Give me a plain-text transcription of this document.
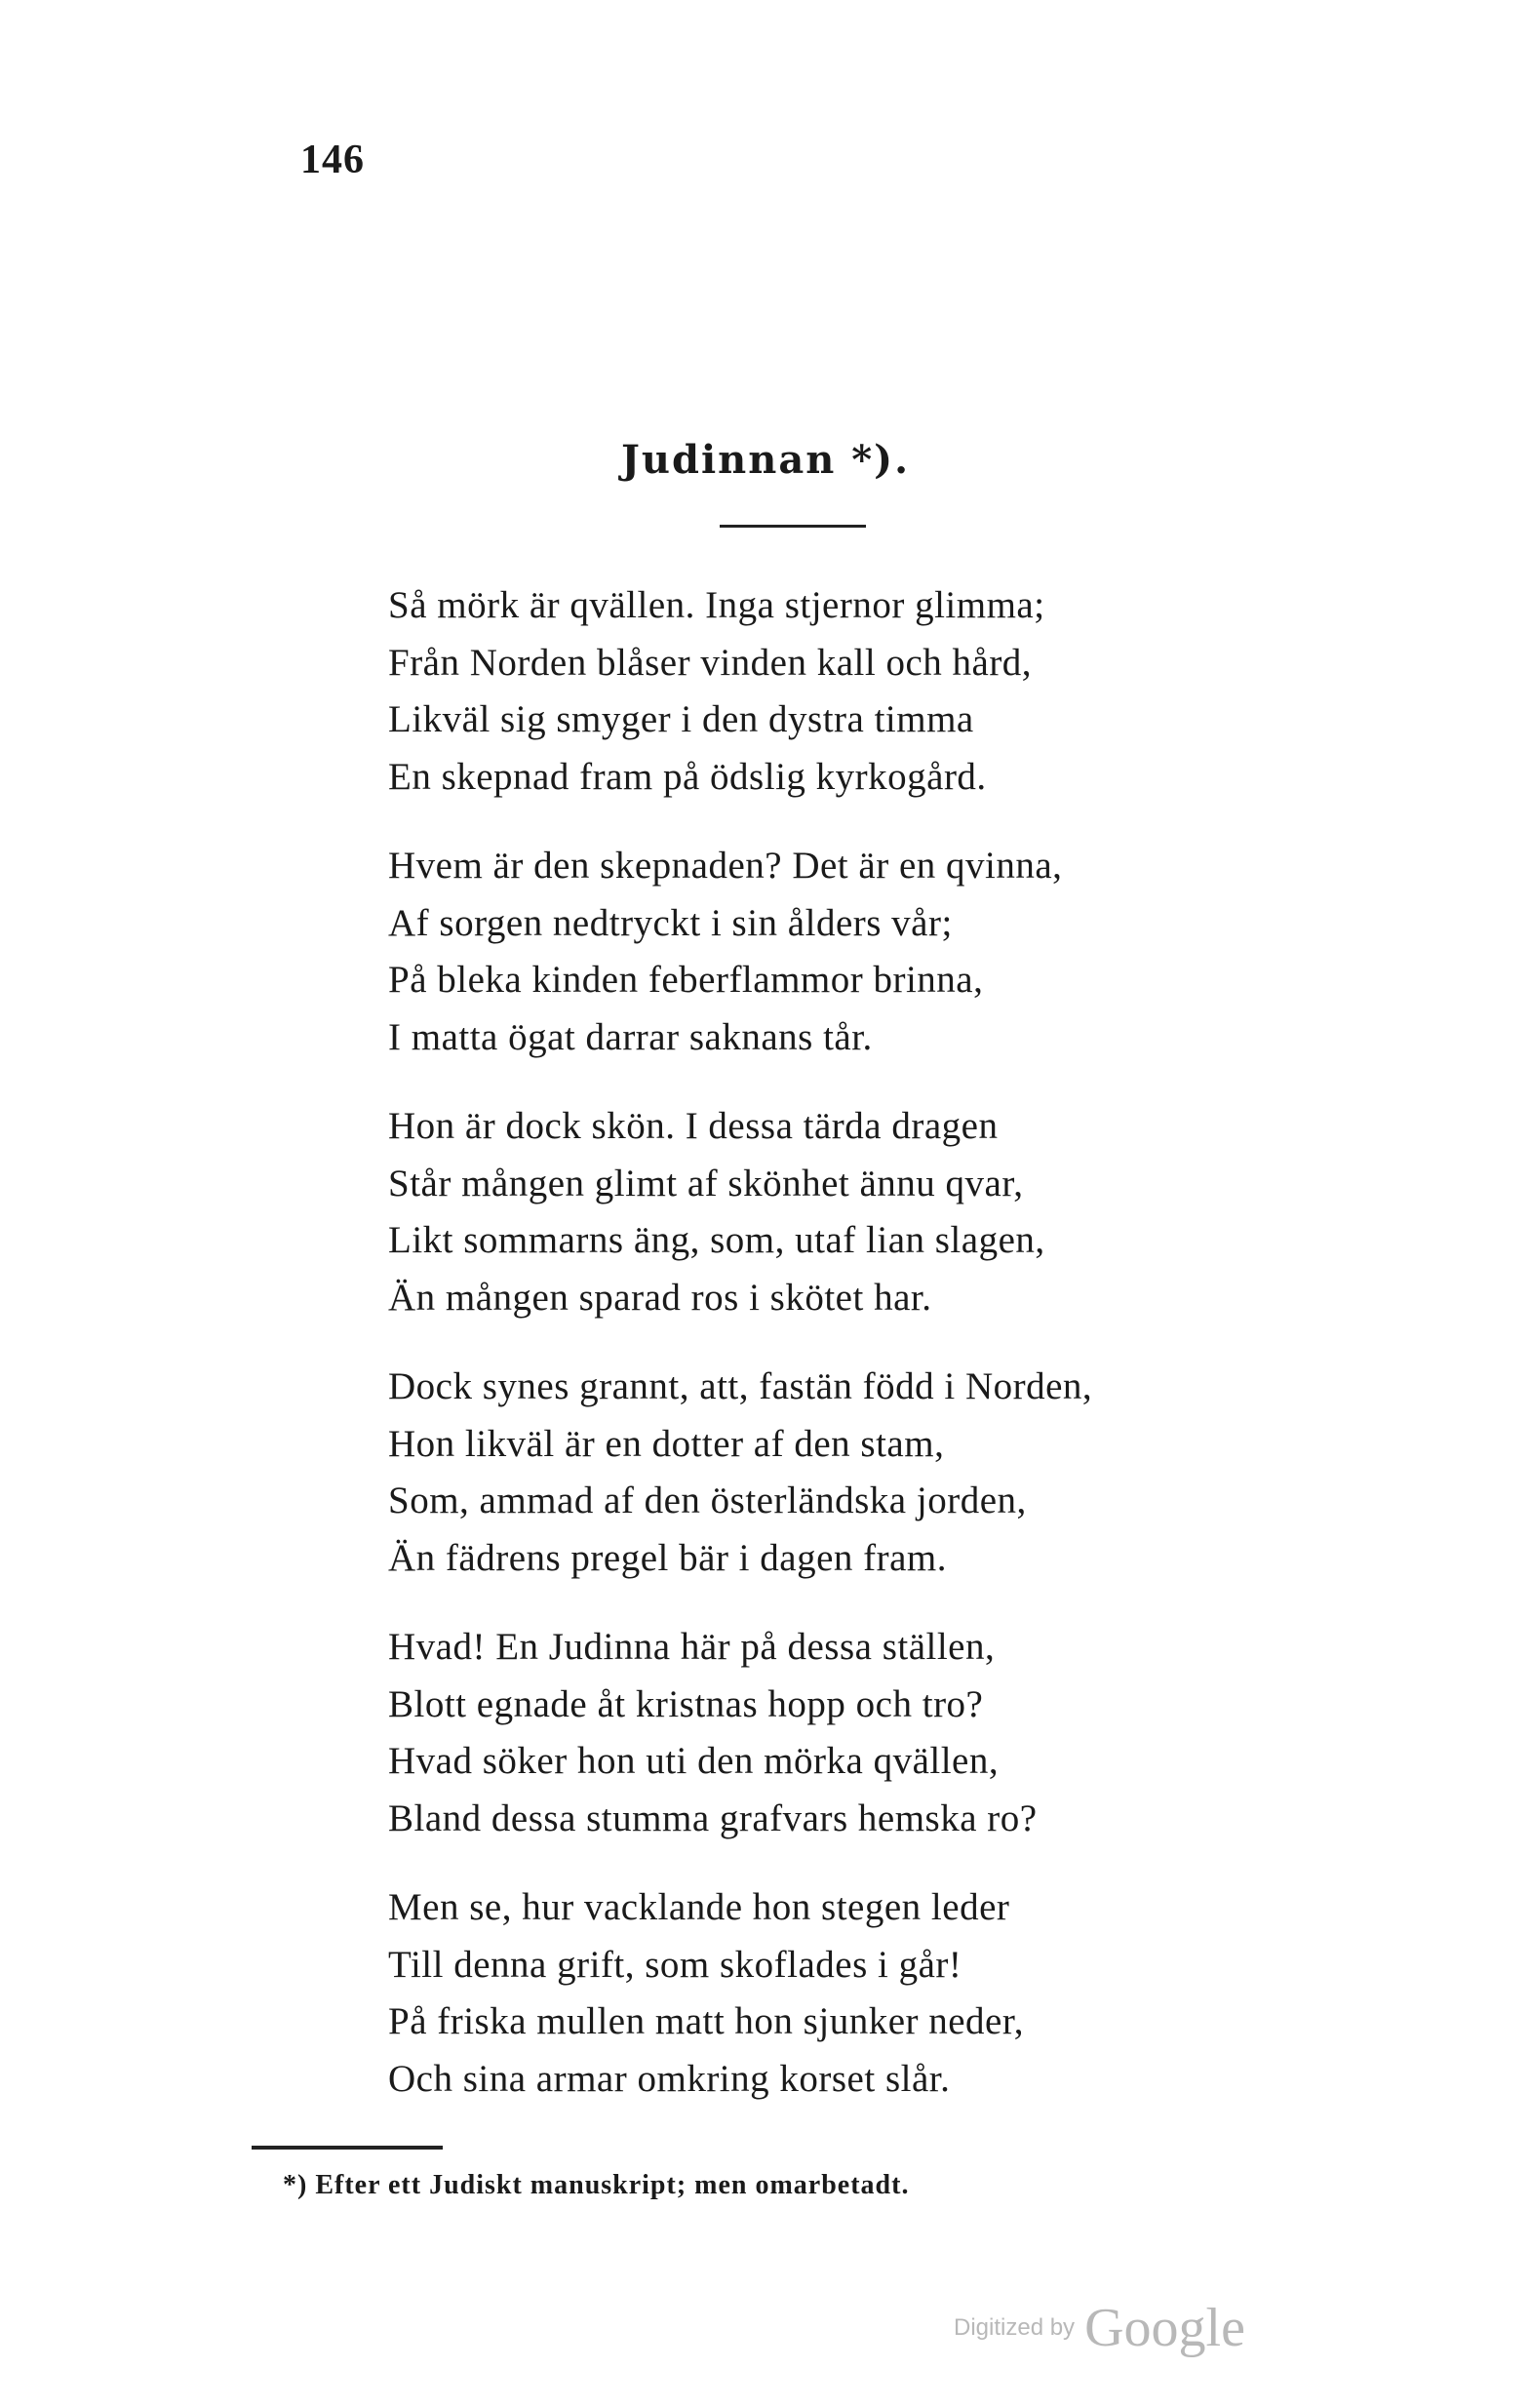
146
Judinnan *).
Så mörk är qvällen. Inga stjernor glimma;
Från Norden blåser vinden kall och hård,
Likväl sig smyger i den dystra timma
En skepnad fram på ödslig kyrkogård.
Hvem är den skepnaden? Det är en qvinna,
Af sorgen nedtryckt i sin ålders vår;
På bleka kinden feberflammor brinna,
I matta ögat darrar saknans tår.
Hon är dock skön. I dessa tärda dragen
Står mången glimt af skönhet ännu qvar,
Likt sommarns äng, som, utaf lian slagen,
Än mången sparad ros i skötet har.
Dock synes grannt, att, fastän född i Norden,
Hon likväl är en dotter af den stam,
Som, ammad af den österländska jorden,
Än fädrens pregel bär i dagen fram.
Hvad! En Judinna här på dessa ställen,
Blott egnade åt kristnas hopp och tro?
Hvad söker hon uti den mörka qvällen,
Bland dessa stumma grafvars hemska ro?
Men se, hur vacklande hon stegen leder
Till denna grift, som skoflades i går!
På friska mullen matt hon sjunker neder,
Och sina armar omkring korset slår.
*) Efter ett Judiskt manuskript; men omarbetadt.
Digitized by Google
